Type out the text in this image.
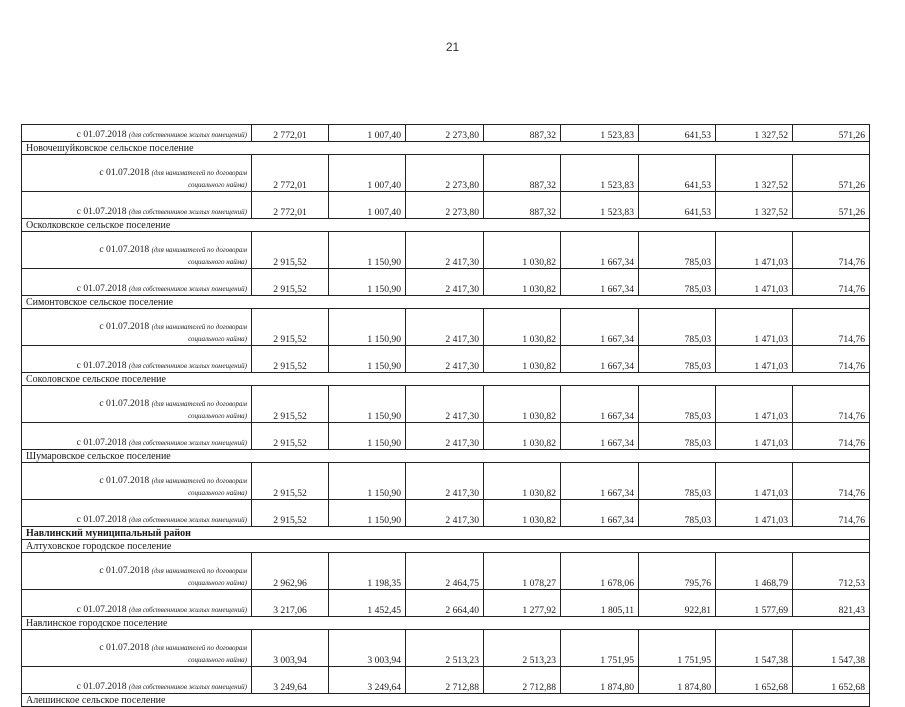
21
с 01.07.2018 (для собственников жилых помещений)	2 772,01	1 007,40	2 273,80	887,32	1 523,83	641,53	1 327,52	571,26
Новочешуйковское сельское поселение								
с 01.07.2018 (для нанимателей по договорам
социального найма)	2 772,01	1 007,40	2 273,80	887,32	1 523,83	641,53	1 327,52	571,26
с 01.07.2018 (для собственников жилых помещений)	2 772,01	1 007,40	2 273,80	887,32	1 523,83	641,53	1 327,52	571,26
Осколковское сельское поселение								
с 01.07.2018 (для нанимателей по договорам
социального найма)	2 915,52	1 150,90	2 417,30	1 030,82	1 667,34	785,03	1 471,03	714,76
с 01.07.2018 (для собственников жилых помещений)	2 915,52	1 150,90	2 417,30	1 030,82	1 667,34	785,03	1 471,03	714,76
Симонтовское сельское поселение								
с 01.07.2018 (для нанимателей по договорам
социального найма)	2 915,52	1 150,90	2 417,30	1 030,82	1 667,34	785,03	1 471,03	714,76
с 01.07.2018 (для собственников жилых помещений)	2 915,52	1 150,90	2 417,30	1 030,82	1 667,34	785,03	1 471,03	714,76
Соколовское сельское поселение								
с 01.07.2018 (для нанимателей по договорам
социального найма)	2 915,52	1 150,90	2 417,30	1 030,82	1 667,34	785,03	1 471,03	714,76
с 01.07.2018 (для собственников жилых помещений)	2 915,52	1 150,90	2 417,30	1 030,82	1 667,34	785,03	1 471,03	714,76
Шумаровское сельское поселение								
с 01.07.2018 (для нанимателей по договорам
социального найма)	2 915,52	1 150,90	2 417,30	1 030,82	1 667,34	785,03	1 471,03	714,76
с 01.07.2018 (для собственников жилых помещений)	2 915,52	1 150,90	2 417,30	1 030,82	1 667,34	785,03	1 471,03	714,76
Навлинский муниципальный район								
Алтуховское городское поселение								
с 01.07.2018 (для нанимателей по договорам
социального найма)	2 962,96	1 198,35	2 464,75	1 078,27	1 678,06	795,76	1 468,79	712,53
с 01.07.2018 (для собственников жилых помещений)	3 217,06	1 452,45	2 664,40	1 277,92	1 805,11	922,81	1 577,69	821,43
Навлинское городское поселение								
с 01.07.2018 (для нанимателей по договорам
социального найма)	3 003,94	3 003,94	2 513,23	2 513,23	1 751,95	1 751,95	1 547,38	1 547,38
с 01.07.2018 (для собственников жилых помещений)	3 249,64	3 249,64	2 712,88	2 712,88	1 874,80	1 874,80	1 652,68	1 652,68
Алешинское сельское поселение								
